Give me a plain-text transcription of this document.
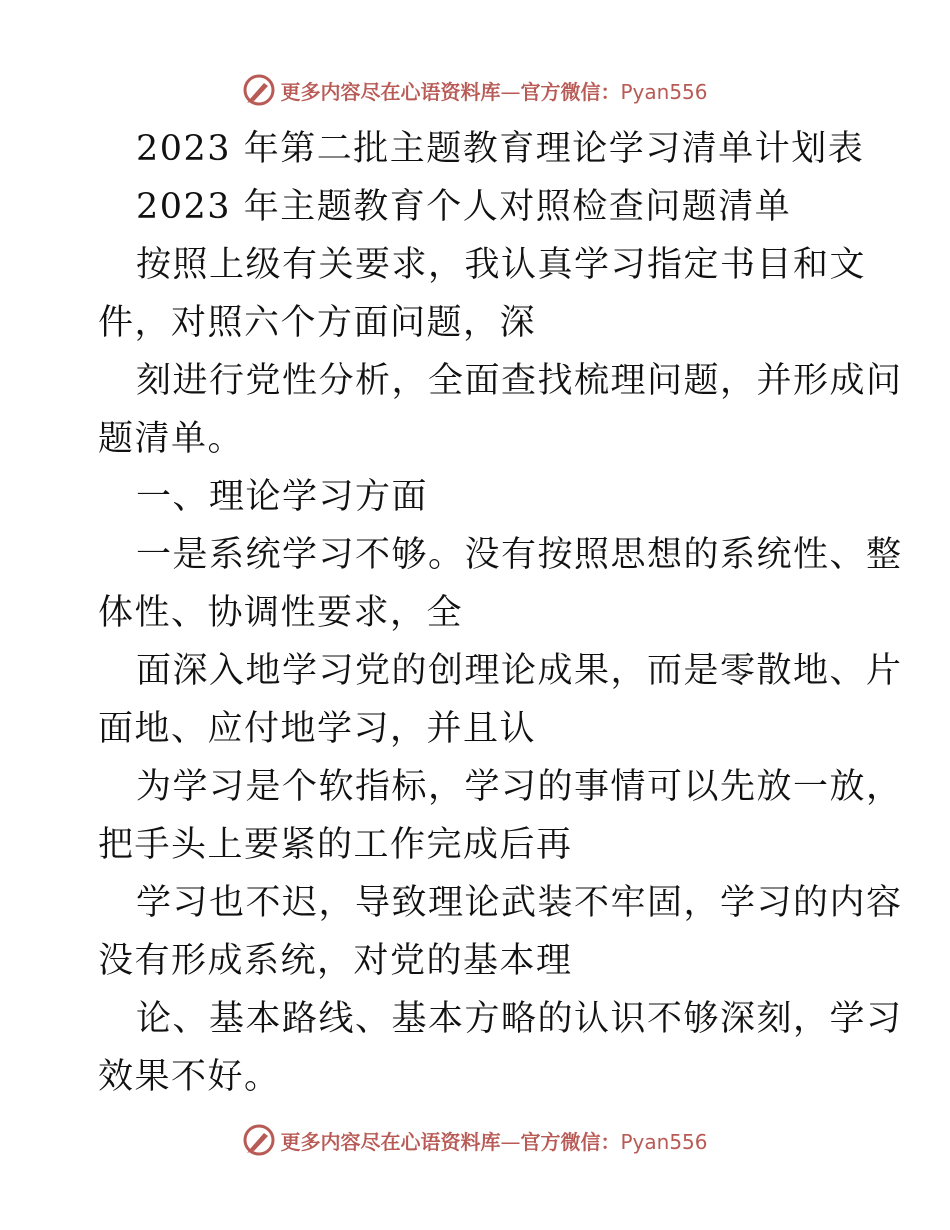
更多内容尽在心语资料库—官方微信：Pyan556

2023 年第二批主题教育理论学习清单计划表

2023 年主题教育个人对照检查问题清单

按照上级有关要求，我认真学习指定书目和文

件，对照六个方面问题，深

刻进行党性分析，全面查找梳理问题，并形成问

题清单。

一、理论学习方面

一是系统学习不够。没有按照思想的系统性、整

体性、协调性要求，全

面深入地学习党的创理论成果，而是零散地、片

面地、应付地学习，并且认

为学习是个软指标，学习的事情可以先放一放，

把手头上要紧的工作完成后再

学习也不迟，导致理论武装不牢固，学习的内容

没有形成系统，对党的基本理

论、基本路线、基本方略的认识不够深刻，学习

效果不好。

更多内容尽在心语资料库—官方微信：Pyan556
